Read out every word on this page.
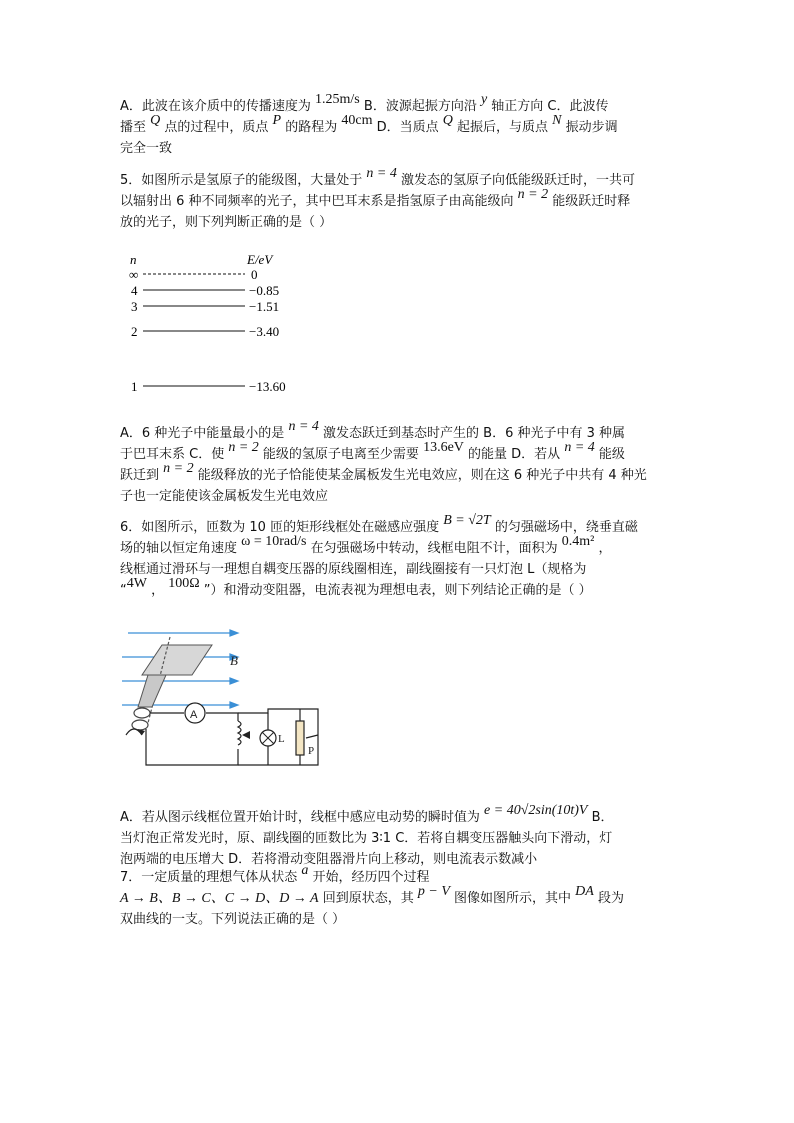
A．此波在该介质中的传播速度为 1.25m/s B．波源起振方向沿 y 轴正方向 C．此波传
播至 Q 点的过程中，质点 P 的路程为 40cm D．当质点 Q 起振后，与质点 N 振动步调
完全一致
5．如图所示是氢原子的能级图，大量处于 n = 4 激发态的氢原子向低能级跃迁时，一共可
以辐射出 6 种不同频率的光子，其中巴耳末系是指氢原子由高能级向 n = 2 能级跃迁时释
放的光子，则下列判断正确的是（ ）
n	E/eV
∞	0
4	−0.85
3	−1.51
2	−3.40
1	−13.60
A．6 种光子中能量最小的是 n = 4 激发态跃迁到基态时产生的 B．6 种光子中有 3 种属
于巴耳末系 C．使 n = 2 能级的氢原子电离至少需要 13.6eV 的能量 D．若从 n = 4 能级
跃迁到 n = 2 能级释放的光子恰能使某金属板发生光电效应，则在这 6 种光子中共有 4 种光
子也一定能使该金属板发生光电效应
6．如图所示，匝数为 10 匝的矩形线框处在磁感应强度 B = √2T 的匀强磁场中，绕垂直磁
场的轴以恒定角速度 ω = 10rad/s 在匀强磁场中转动，线框电阻不计，面积为 0.4m² ，
线框通过滑环与一理想自耦变压器的原线圈相连，副线圈接有一只灯泡 L（规格为
“4W ， 100Ω ”）和滑动变阻器，电流表视为理想电表，则下列结论正确的是（ ）
B
A
L
P
A．若从图示线框位置开始计时，线框中感应电动势的瞬时值为 e = 40√2sin(10t)V B．
当灯泡正常发光时，原、副线圈的匝数比为 3∶1 C．若将自耦变压器触头向下滑动，灯
泡两端的电压增大 D．若将滑动变阻器滑片向上移动，则电流表示数减小
7．一定质量的理想气体从状态 a 开始，经历四个过程
A → B、B → C、C → D、D → A 回到原状态，其 p − V 图像如图所示，其中 DA 段为
双曲线的一支。下列说法正确的是（ ）
